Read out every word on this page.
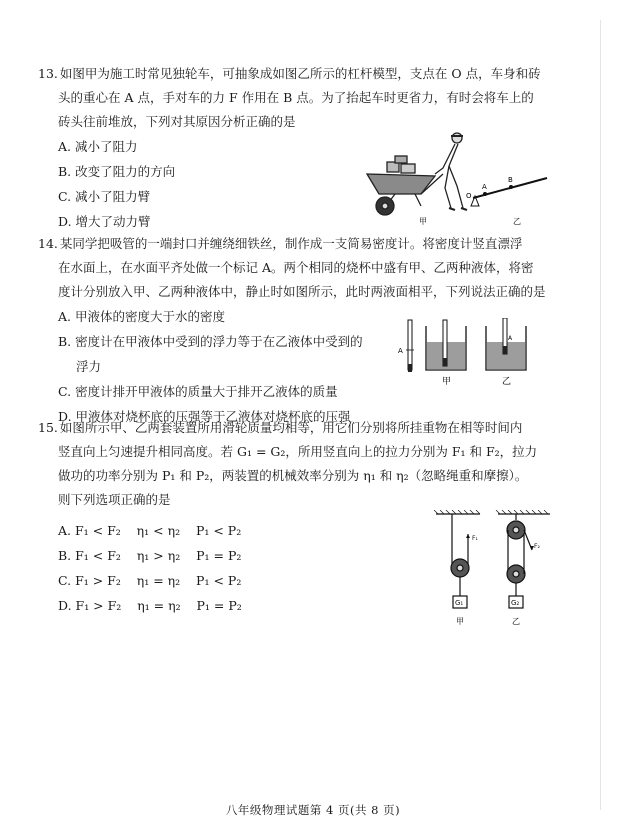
13. 如图甲为施工时常见独轮车，可抽象成如图乙所示的杠杆模型，支点在 O 点，车身和砖

头的重心在 A 点，手对车的力 F 作用在 B 点。为了抬起车时更省力，有时会将车上的

砖头往前堆放，下列对其原因分析正确的是

A. 减小了阻力

B. 改变了阻力的方向

C. 减小了阻力臂

D. 增大了动力臂

O
A
B
甲	乙

14. 某同学把吸管的一端封口并缠绕细铁丝，制作成一支简易密度计。将密度计竖直漂浮

在水面上，在水面平齐处做一个标记 A。两个相同的烧杯中盛有甲、乙两种液体，将密

度计分别放入甲、乙两种液体中，静止时如图所示，此时两液面相平，下列说法正确的是

A. 甲液体的密度大于水的密度

B. 密度计在甲液体中受到的浮力等于在乙液体中受到的

浮力

C. 密度计排开甲液体的质量大于排开乙液体的质量

D. 甲液体对烧杯底的压强等于乙液体对烧杯底的压强

A
A
甲	乙

15. 如图所示甲、乙两套装置所用滑轮质量均相等，用它们分别将所挂重物在相等时间内

竖直向上匀速提升相同高度。若 G₁ = G₂，所用竖直向上的拉力分别为 F₁ 和 F₂，拉力

做功的功率分别为 P₁ 和 P₂，两装置的机械效率分别为 η₁ 和 η₂（忽略绳重和摩擦）。

则下列选项正确的是

A. F₁ < F₂    η₁ < η₂    P₁ < P₂

B. F₁ < F₂    η₁ > η₂    P₁ = P₂

C. F₁ > F₂    η₁ = η₂    P₁ < P₂

D. F₁ > F₂    η₁ = η₂    P₁ = P₂	G₁
F₁
G₂
F₂
甲	乙
八年级物理试题第 4 页(共 8 页)
